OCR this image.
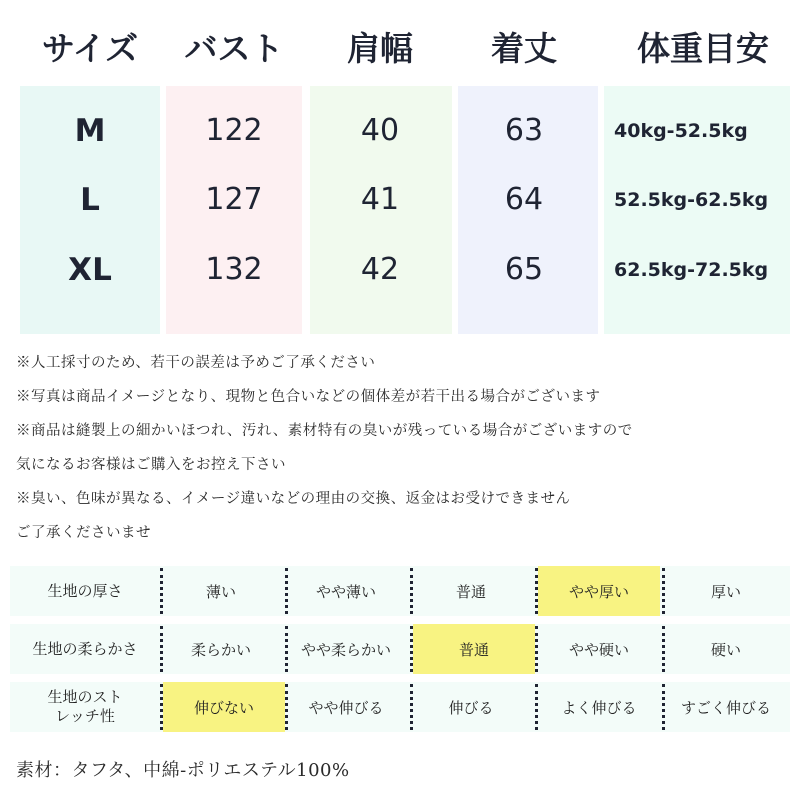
サイズ	バスト	肩幅	着丈	体重目安
M	122	40	63	40kg-52.5kg
L	127	41	64	52.5kg-62.5kg
XL	132	42	65	62.5kg-72.5kg
※人工採寸のため、若干の誤差は予めご了承ください
※写真は商品イメージとなり、現物と色合いなどの個体差が若干出る場合がございます
※商品は縫製上の細かいほつれ、汚れ、素材特有の臭いが残っている場合がございますので
気になるお客様はご購入をお控え下さい
※臭い、色味が異なる、イメージ違いなどの理由の交換、返金はお受けできません
ご了承くださいませ
生地の厚さ	薄い	やや薄い	普通	やや厚い	厚い
生地の柔らかさ	柔らかい	やや柔らかい	普通	やや硬い	硬い
生地のスト
レッチ性	伸びない	やや伸びる	伸びる	よく伸びる	すごく伸びる
素材：タフタ、中綿-ポリエステル100%
